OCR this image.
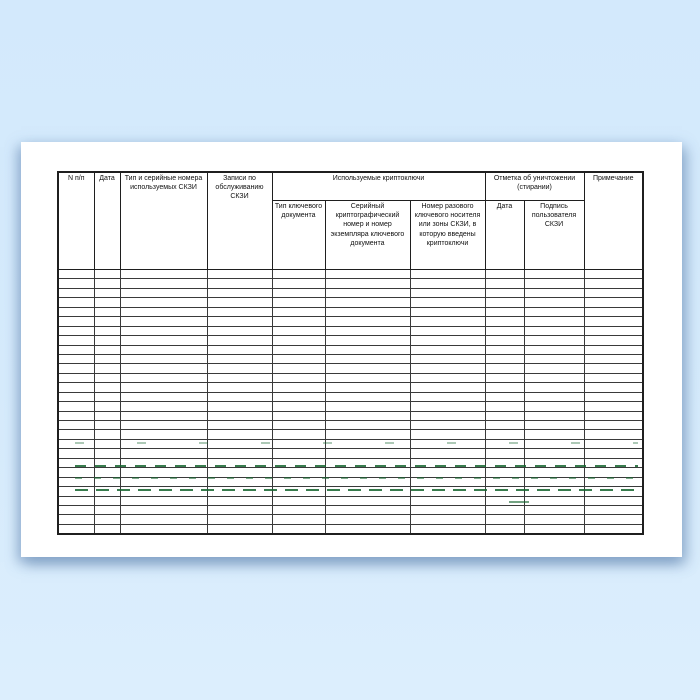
N п/п	Дата	Тип и серийные номера используемых СКЗИ	Записи по обслуживанию СКЗИ	Используемые криптоключи			Отметка об уничтожении (стирании)		Примечание
				Тип ключевого документа	Серийный криптографический номер и номер экземпляра ключевого документа	Номер разового ключевого носителя или зоны СКЗИ, в которую введены криптоключи	Дата	Подпись пользователя СКЗИ	
